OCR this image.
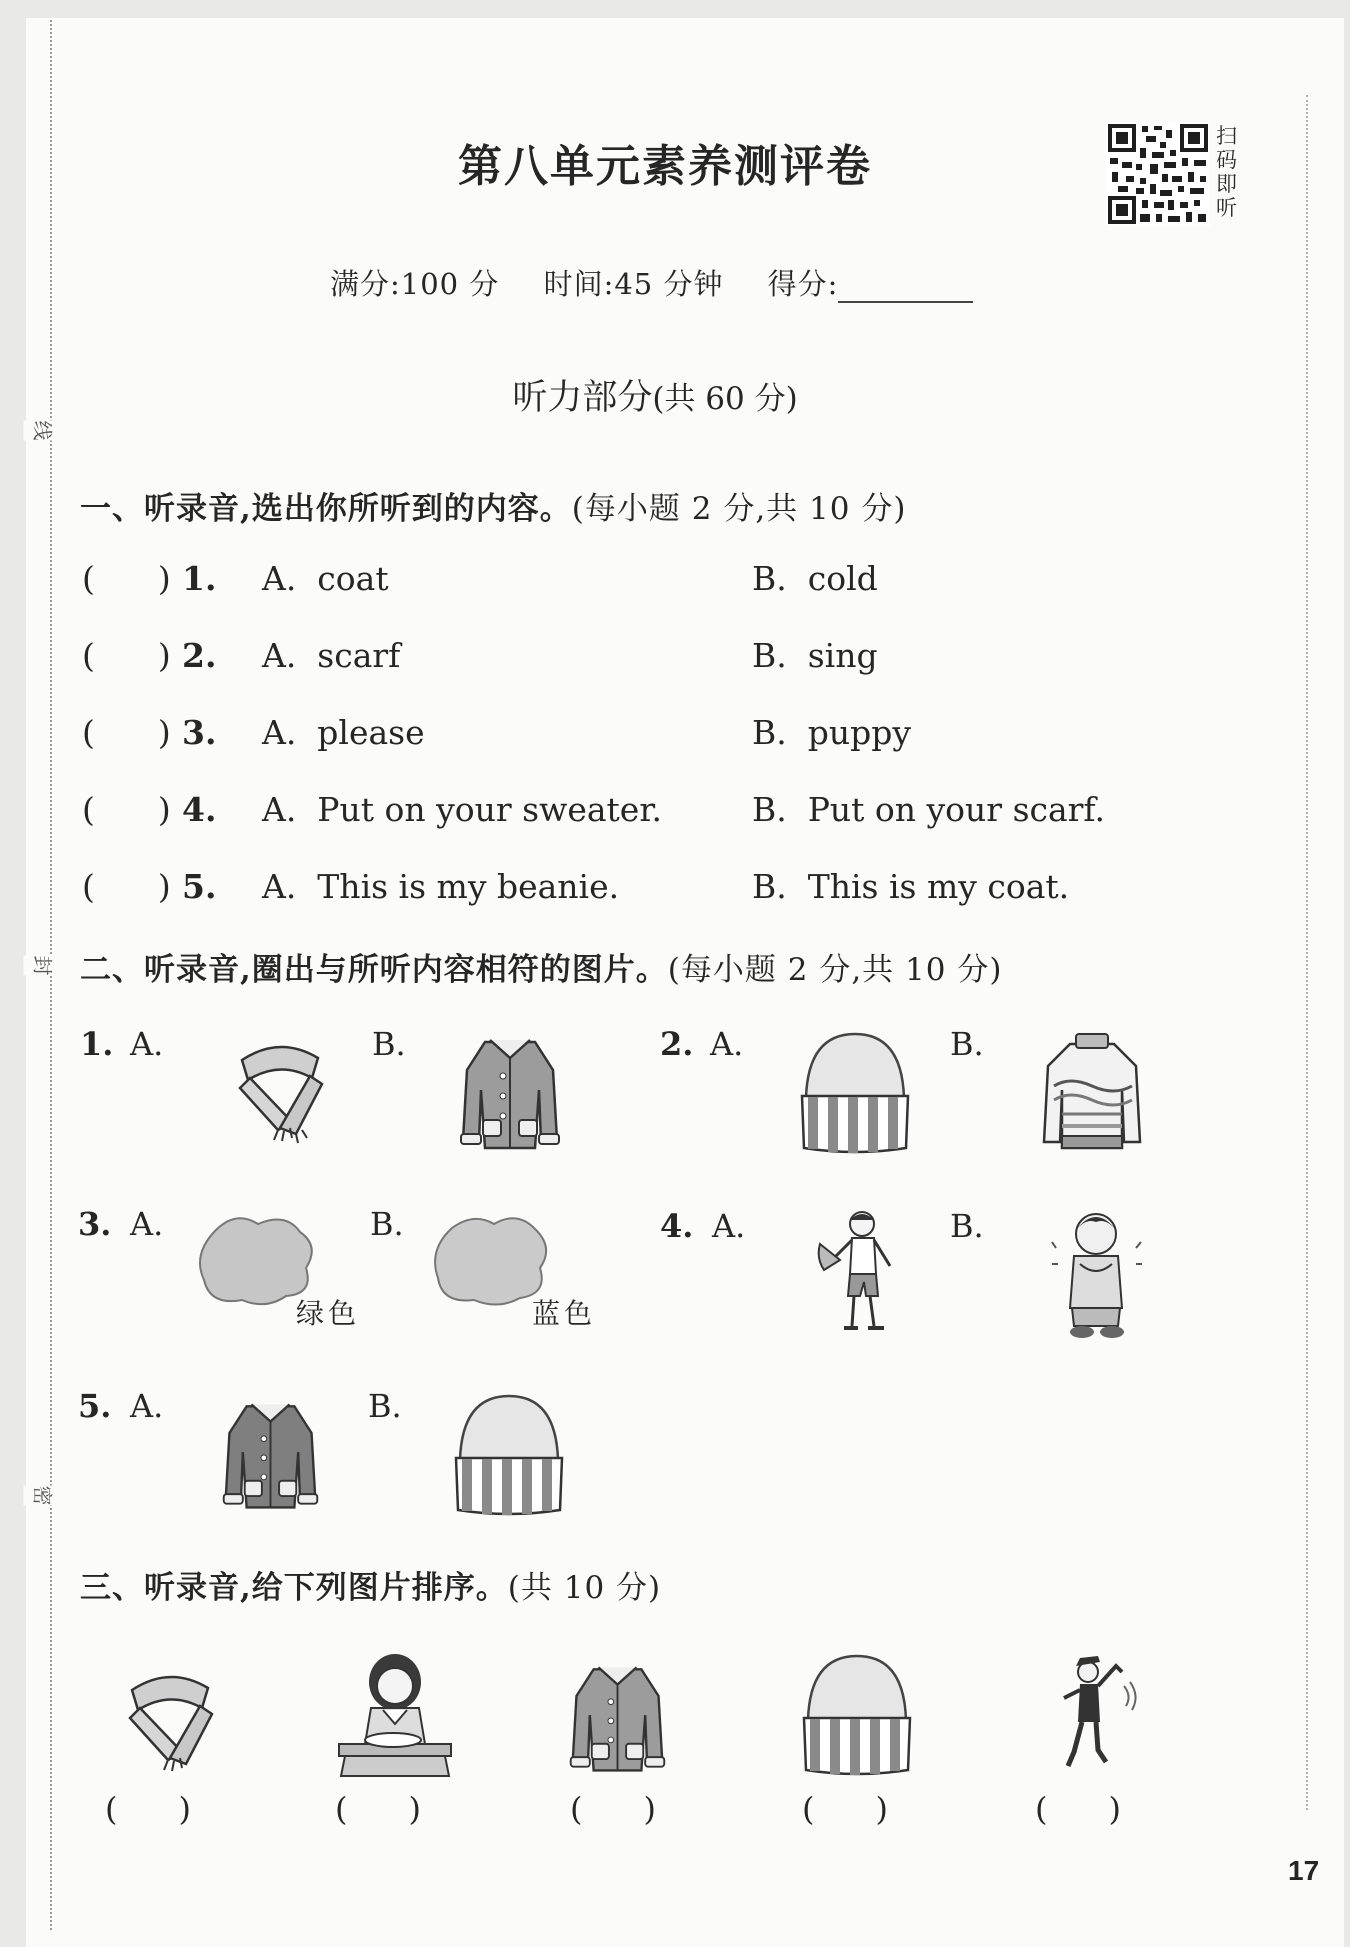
线
封
密
第八单元素养测评卷
扫码即听
满分:100 分 时间:45 分钟 得分:
听力部分(共 60 分)
一、听录音,选出你所听到的内容。(每小题 2 分,共 10 分)
(      ) 1. A.  coat	B.  cold
(      ) 2. A.  scarf	B.  sing
(      ) 3. A.  please	B.  puppy
(      ) 4. A.  Put on your sweater.	B.  Put on your scarf.
(      ) 5. A.  This is my beanie.	B.  This is my coat.
二、听录音,圈出与所听内容相符的图片。(每小题 2 分,共 10 分)
1. A.	B.	2. A.	B.
3. A.	B.
绿色	蓝色
4. A.	B.
5. A.	B.
三、听录音,给下列图片排序。(共 10 分)
(      )	(      )	(      )	(      )	(      )
17
